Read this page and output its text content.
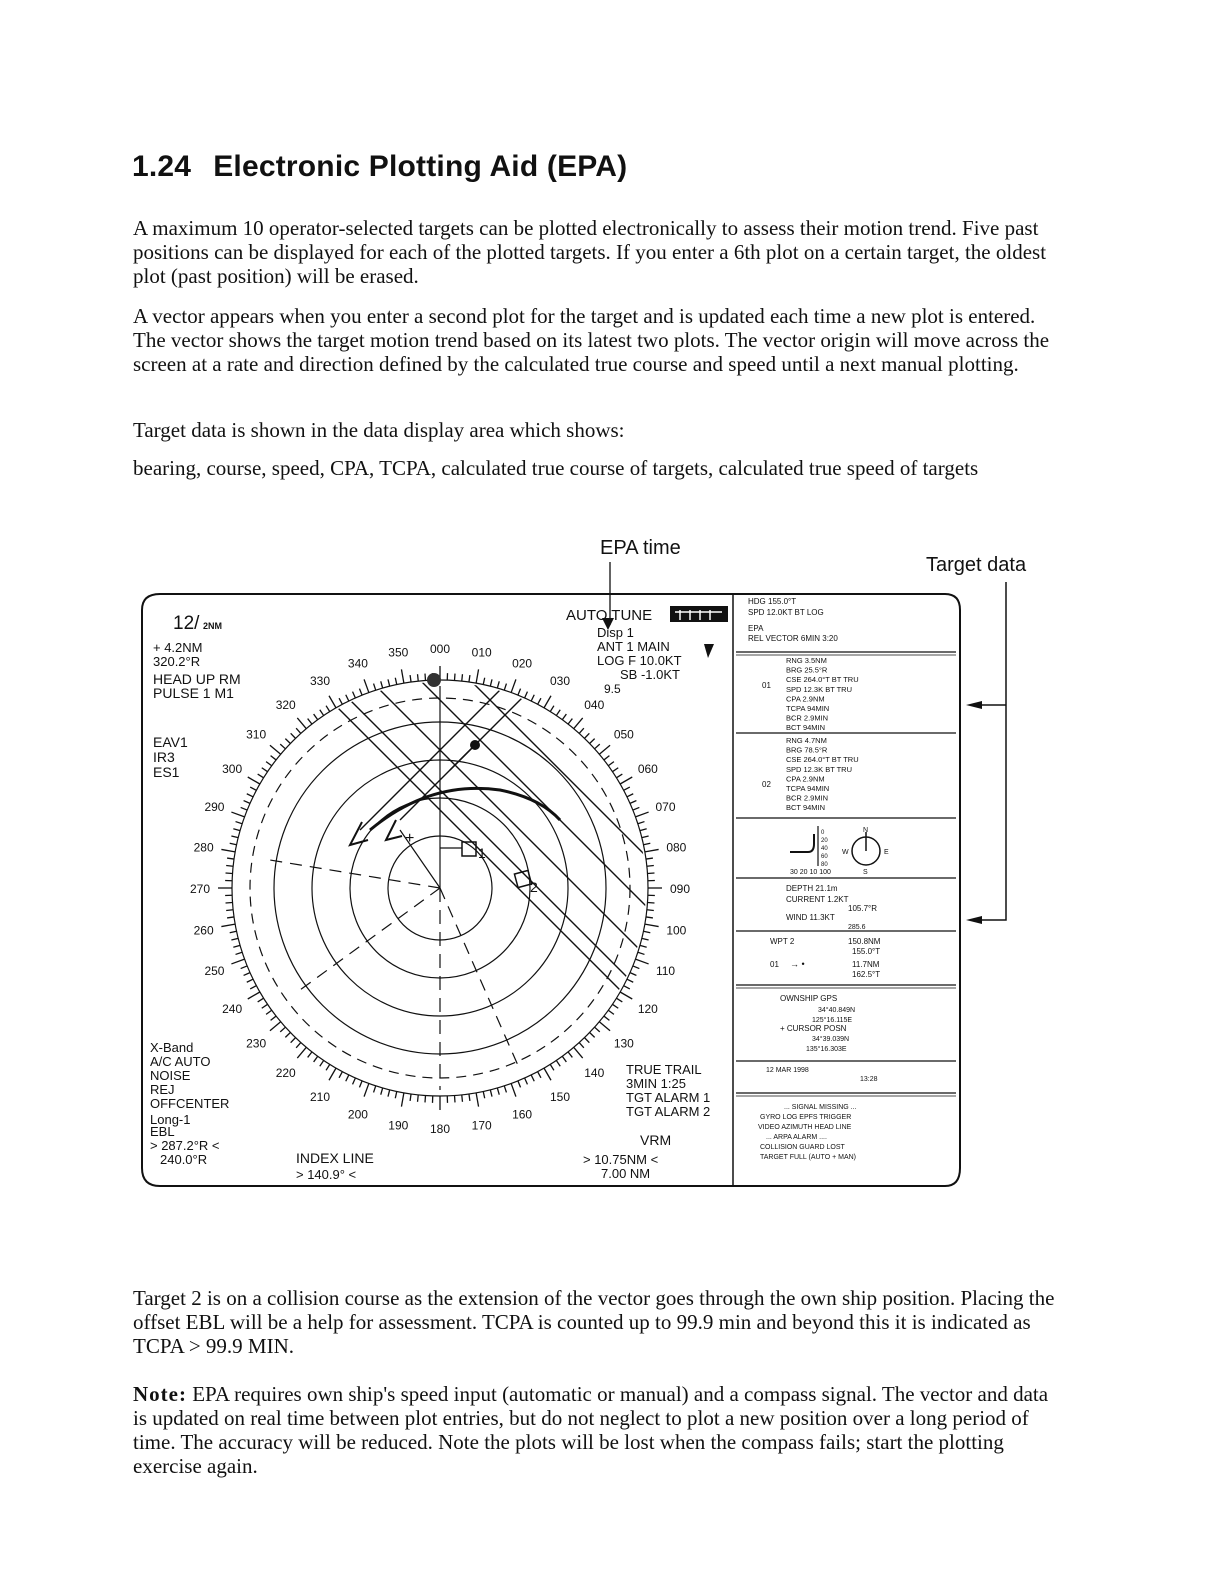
1.24 Electronic Plotting Aid (EPA)

A maximum 10 operator-selected targets can be plotted electronically to assess their motion trend. Five past positions can be displayed for each of the plotted targets. If you enter a 6th plot on a certain target, the oldest plot (past position) will be erased.

A vector appears when you enter a second plot for the target and is updated each time a new plot is entered. The vector shows the target motion trend based on its latest two plots. The vector origin will move across the screen at a rate and direction defined by the calculated true course and speed until a next manual plotting.

Target data is shown in the data display area which shows:

bearing, course, speed, CPA, TCPA, calculated true course of targets, calculated true speed of targets

EPA time
Target data
000 010
020
030
040
050
060
070
080
090
100
110
120
130
140
150
160
170
180
190
200
210
220
230
240
250
260
270
280
290
300
310
320
330
340
350
1
2
+
12/ 2NM
+ 4.2NM
320.2°R
HEAD UP RM
PULSE 1 M1
EAV1
IR3
ES1
X-Band
A/C AUTO
NOISE
REJ
OFFCENTER
Long-1
EBL
> 287.2°R <
240.0°R	INDEX LINE
> 140.9° <
AUTO TUNE
Disp 1
ANT 1 MAIN
LOG F 10.0KT
SB -1.0KT
9.5
TRUE TRAIL
3MIN 1:25
TGT ALARM 1
TGT ALARM 2
VRM
> 10.75NM <
7.00 NM
HDG 155.0°T
SPD 12.0KT BT LOG
EPA
REL VECTOR 6MIN 3:20
01
RNG 3.5NM
BRG 25.5°R
CSE 264.0°T BT TRU
SPD 12.3K BT TRU
CPA 2.9NM
TCPA 94MIN
BCR 2.9MIN
BCT 94MIN
02
RNG 4.7NM
BRG 78.5°R
CSE 264.0°T BT TRU
SPD 12.3K BT TRU
CPA 2.9NM
TCPA 94MIN
BCR 2.9MIN
BCT 94MIN
0
20
40
60
80
30 20 10 100
N
W	E
S
DEPTH 21.1m
CURRENT 1.2KT
105.7°R
WIND 11.3KT
285.6
WPT 2	150.8NM
155.0°T
01 → •	11.7NM
162.5°T
OWNSHIP GPS
34°40.849N
125°16.115E
+ CURSOR POSN
34°39.039N
135°16.303E
12 MAR 1998
13:28
... SIGNAL MISSING ...
GYRO LOG EPFS TRIGGER
VIDEO AZIMUTH HEAD LINE
... ARPA ALARM ....
COLLISION GUARD LOST
TARGET FULL (AUTO + MAN)

Target 2 is on a collision course as the extension of the vector goes through the own ship position. Placing the offset EBL will be a help for assessment. TCPA is counted up to 99.9 min and beyond this it is indicated as TCPA > 99.9 MIN.

Note: EPA requires own ship's speed input (automatic or manual) and a compass signal. The vector and data is updated on real time between plot entries, but do not neglect to plot a new position over a long period of time. The accuracy will be reduced. Note the plots will be lost when the compass fails; start the plotting exercise again.
